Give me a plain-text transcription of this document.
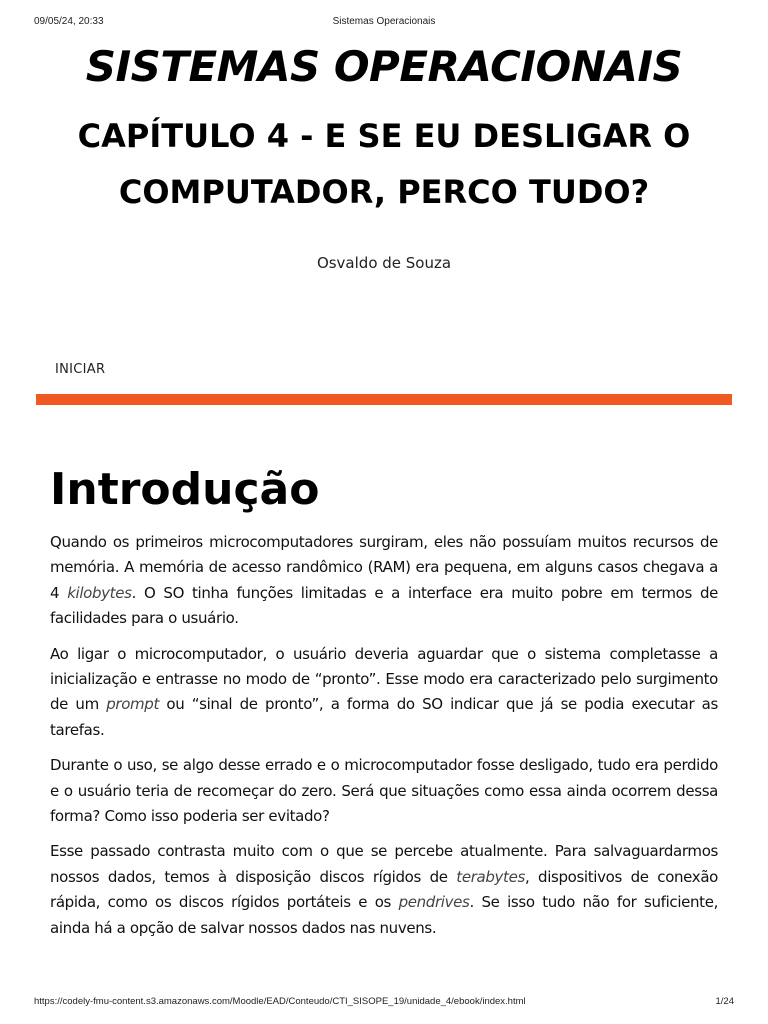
09/05/24, 20:33	Sistemas Operacionais
SISTEMAS OPERACIONAIS
CAPÍTULO 4 - E SE EU DESLIGAR O COMPUTADOR, PERCO TUDO?
Osvaldo de Souza
INICIAR
Introdução

Quando os primeiros microcomputadores surgiram, eles não possuíam muitos recursos de memória. A memória de acesso randômico (RAM) era pequena, em alguns casos chegava a 4 kilobytes. O SO tinha funções limitadas e a interface era muito pobre em termos de facilidades para o usuário.

Ao ligar o microcomputador, o usuário deveria aguardar que o sistema completasse a inicialização e entrasse no modo de “pronto”. Esse modo era caracterizado pelo surgimento de um prompt ou “sinal de pronto”, a forma do SO indicar que já se podia executar as tarefas.

Durante o uso, se algo desse errado e o microcomputador fosse desligado, tudo era perdido e o usuário teria de recomeçar do zero. Será que situações como essa ainda ocorrem dessa forma? Como isso poderia ser evitado?

Esse passado contrasta muito com o que se percebe atualmente. Para salvaguardarmos nossos dados, temos à disposição discos rígidos de terabytes, dispositivos de conexão rápida, como os discos rígidos portáteis e os pendrives. Se isso tudo não for suficiente, ainda há a opção de salvar nossos dados nas nuvens.

https://codely-fmu-content.s3.amazonaws.com/Moodle/EAD/Conteudo/CTI_SISOPE_19/unidade_4/ebook/index.html	1/24
